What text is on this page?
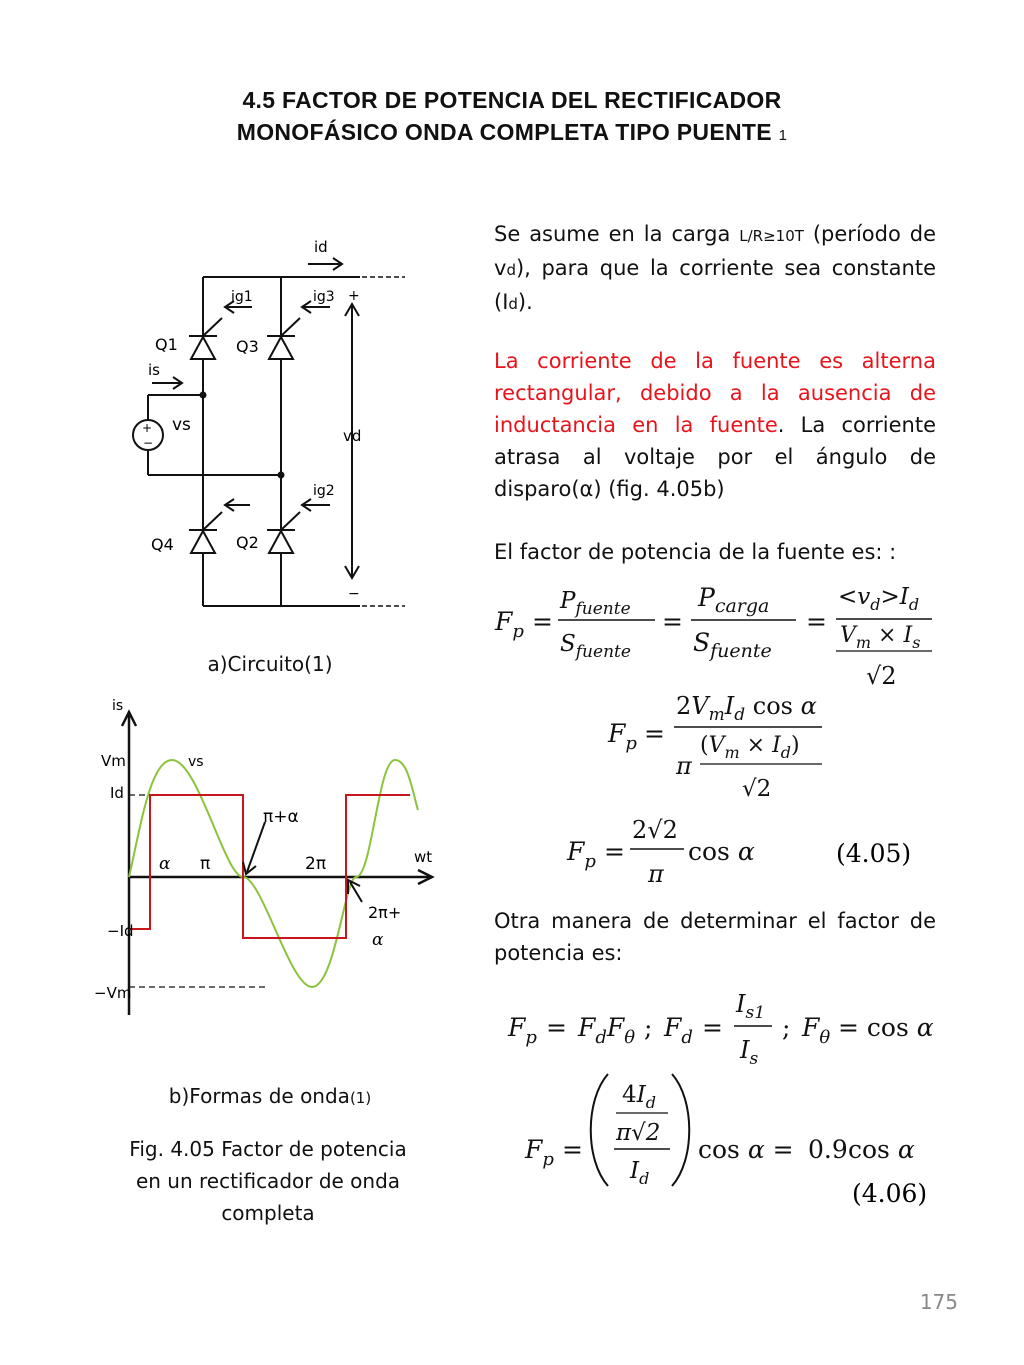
4.5 FACTOR DE POTENCIA DEL RECTIFICADOR
MONOFÁSICO ONDA COMPLETA TIPO PUENTE 1
id
ig1	ig3 +
Q1	Q3
is
vs
+
−	vd
ig2
Q4	Q2
−
a)Circuito(1)
is
Vm	vs
Id
π+α
α π	2π	wt
2π+
α
−Id
−Vm
b)Formas de onda(1)
Fig. 4.05 Factor de potencia
en un rectificador de onda
completa
Se asume en la carga L/R≥10T (período de vd), para que la corriente sea constante (Id).
La corriente de la fuente es alterna rectangular, debido a la ausencia de inductancia en la fuente. La corriente atrasa al voltaje por el ángulo de disparo(α) (fig. 4.05b)
El factor de potencia de la fuente es: :
$F_p$ =
$P_{fuente}$
$S_{fuente}$
=
$P_{carga}$
$S_{fuente}$
=
$<v_d>I_d$
$V_m \times I_s$
√2
$F_p$ =
$2V_mI_d$ cos α
π
$(V_m \times I_d)$
√2
$F_p$ =
2√2
π
cos α	(4.05)
Otra manera de determinar el factor de potencia es:
$F_p = F_dF_\theta$ ; $F_d$ =
$I_{s1}$
$I_s$
; $F_\theta = \cos \alpha$
$F_p$ =
$4I_d$
π√2
$I_d$
cos α = 0.9 cos α
(4.06)
175
